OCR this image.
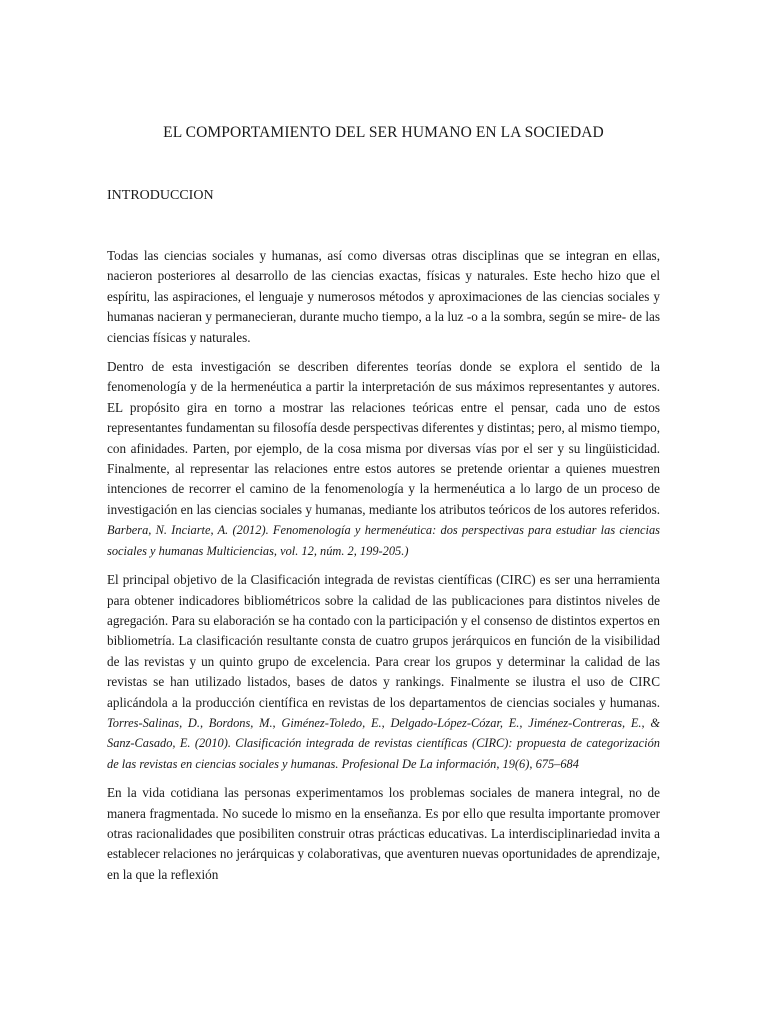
EL COMPORTAMIENTO DEL SER HUMANO EN LA SOCIEDAD
INTRODUCCION

Todas las ciencias sociales y humanas, así como diversas otras disciplinas que se integran en ellas, nacieron posteriores al desarrollo de las ciencias exactas, físicas y naturales. Este hecho hizo que el espíritu, las aspiraciones, el lenguaje y numerosos métodos y aproximaciones de las ciencias sociales y humanas nacieran y permanecieran, durante mucho tiempo, a la luz -o a la sombra, según se mire- de las ciencias físicas y naturales.

Dentro de esta investigación se describen diferentes teorías donde se explora el sentido de la fenomenología y de la hermenéutica a partir la interpretación de sus máximos representantes y autores. EL propósito gira en torno a mostrar las relaciones teóricas entre el pensar, cada uno de estos representantes fundamentan su filosofía desde perspectivas diferentes y distintas; pero, al mismo tiempo, con afinidades. Parten, por ejemplo, de la cosa misma por diversas vías por el ser y su lingüisticidad. Finalmente, al representar las relaciones entre estos autores se pretende orientar a quienes muestren intenciones de recorrer el camino de la fenomenología y la hermenéutica a lo largo de un proceso de investigación en las ciencias sociales y humanas, mediante los atributos teóricos de los autores referidos. Barbera, N. Inciarte, A. (2012). Fenomenología y hermenéutica: dos perspectivas para estudiar las ciencias sociales y humanas Multiciencias, vol. 12, núm. 2, 199-205.)

El principal objetivo de la Clasificación integrada de revistas científicas (CIRC) es ser una herramienta para obtener indicadores bibliométricos sobre la calidad de las publicaciones para distintos niveles de agregación. Para su elaboración se ha contado con la participación y el consenso de distintos expertos en bibliometría. La clasificación resultante consta de cuatro grupos jerárquicos en función de la visibilidad de las revistas y un quinto grupo de excelencia. Para crear los grupos y determinar la calidad de las revistas se han utilizado listados, bases de datos y rankings. Finalmente se ilustra el uso de CIRC aplicándola a la producción científica en revistas de los departamentos de ciencias sociales y humanas. Torres-Salinas, D., Bordons, M., Giménez-Toledo, E., Delgado-López-Cózar, E., Jiménez-Contreras, E., & Sanz-Casado, E. (2010). Clasificación integrada de revistas científicas (CIRC): propuesta de categorización de las revistas en ciencias sociales y humanas. Profesional De La información, 19(6), 675–684

En la vida cotidiana las personas experimentamos los problemas sociales de manera integral, no de manera fragmentada. No sucede lo mismo en la enseñanza. Es por ello que resulta importante promover otras racionalidades que posibiliten construir otras prácticas educativas. La interdisciplinariedad invita a establecer relaciones no jerárquicas y colaborativas, que aventuren nuevas oportunidades de aprendizaje, en la que la reflexión
